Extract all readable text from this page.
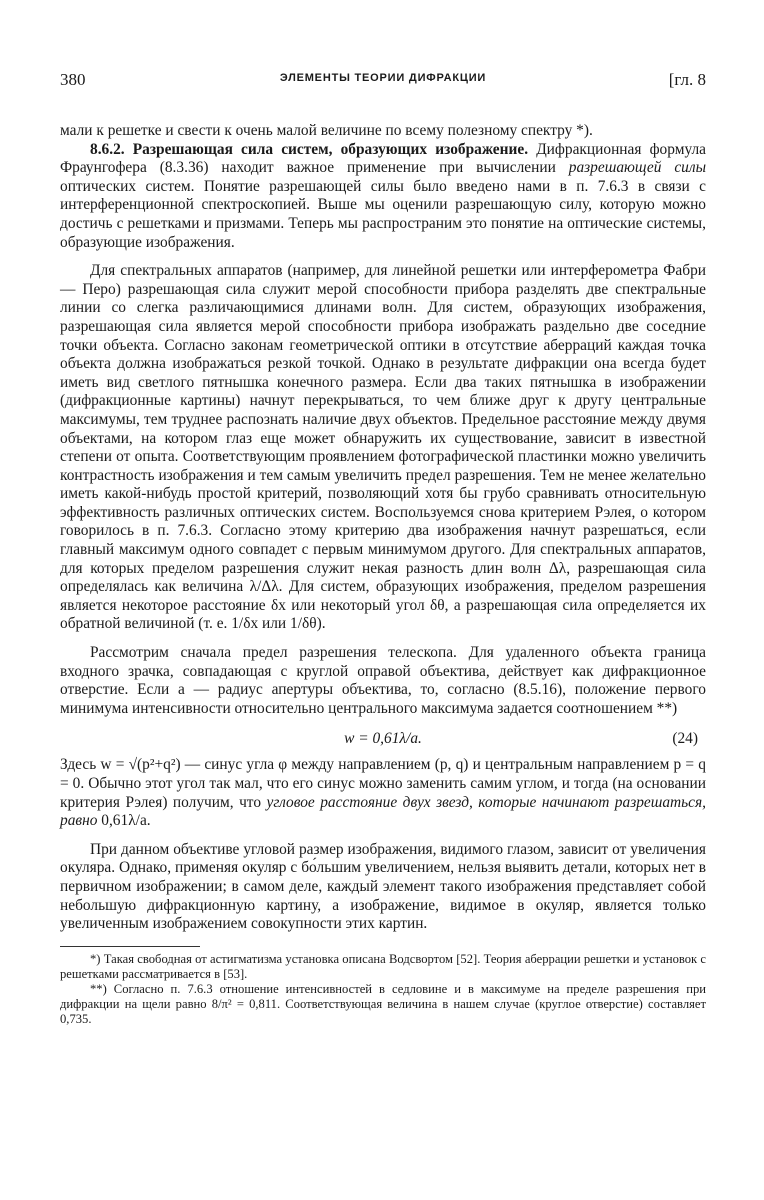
380	ЭЛЕМЕНТЫ ТЕОРИИ ДИФРАКЦИИ	[гл. 8

мали к решетке и свести к очень малой величине по всему полезному спектру *).

8.6.2. Разрешающая сила систем, образующих изображение. Дифракционная формула Фраунгофера (8.3.36) находит важное применение при вычислении разрешающей силы оптических систем. Понятие разрешающей силы было введено нами в п. 7.6.3 в связи с интерференционной спектроскопией. Выше мы оценили разрешающую силу, которую можно достичь с решетками и призмами. Теперь мы распространим это понятие на оптические системы, образующие изображения.

Для спектральных аппаратов (например, для линейной решетки или интерферометра Фабри — Перо) разрешающая сила служит мерой способности прибора разделять две спектральные линии со слегка различающимися длинами волн. Для систем, образующих изображения, разрешающая сила является мерой способности прибора изображать раздельно две соседние точки объекта. Согласно законам геометрической оптики в отсутствие аберраций каждая точка объекта должна изображаться резкой точкой. Однако в результате дифракции она всегда будет иметь вид светлого пятнышка конечного размера. Если два таких пятнышка в изображении (дифракционные картины) начнут перекрываться, то чем ближе друг к другу центральные максимумы, тем труднее распознать наличие двух объектов. Предельное расстояние между двумя объектами, на котором глаз еще может обнаружить их существование, зависит в известной степени от опыта. Соответствующим проявлением фотографической пластинки можно увеличить контрастность изображения и тем самым увеличить предел разрешения. Тем не менее желательно иметь какой-нибудь простой критерий, позволяющий хотя бы грубо сравнивать относительную эффективность различных оптических систем. Воспользуемся снова критерием Рэлея, о котором говорилось в п. 7.6.3. Согласно этому критерию два изображения начнут разрешаться, если главный максимум одного совпадет с первым минимумом другого. Для спектральных аппаратов, для которых пределом разрешения служит некая разность длин волн Δλ, разрешающая сила определялась как величина λ/Δλ. Для систем, образующих изображения, пределом разрешения является некоторое расстояние δx или некоторый угол δθ, а разрешающая сила определяется их обратной величиной (т. е. 1/δx или 1/δθ).

Рассмотрим сначала предел разрешения телескопа. Для удаленного объекта граница входного зрачка, совпадающая с круглой оправой объектива, действует как дифракционное отверстие. Если a — радиус апертуры объектива, то, согласно (8.5.16), положение первого минимума интенсивности относительно центрального максимума задается соотношением **)

w = 0,61λ/a.	(24)

Здесь w = √(p²+q²) — синус угла φ между направлением (p, q) и центральным направлением p = q = 0. Обычно этот угол так мал, что его синус можно заменить самим углом, и тогда (на основании критерия Рэлея) получим, что угловое расстояние двух звезд, которые начинают разрешаться, равно 0,61λ/a.

При данном объективе угловой размер изображения, видимого глазом, зависит от увеличения окуляра. Однако, применяя окуляр с бо́льшим увеличением, нельзя выявить детали, которых нет в первичном изображении; в самом деле, каждый элемент такого изображения представляет собой небольшую дифракционную картину, а изображение, видимое в окуляр, является только увеличенным изображением совокупности этих картин.

*) Такая свободная от астигматизма установка описана Водсвортом [52]. Теория аберрации решетки и установок с решетками рассматривается в [53].

**) Согласно п. 7.6.3 отношение интенсивностей в седловине и в максимуме на пределе разрешения при дифракции на щели равно 8/π² = 0,811. Соответствующая величина в нашем случае (круглое отверстие) составляет 0,735.
